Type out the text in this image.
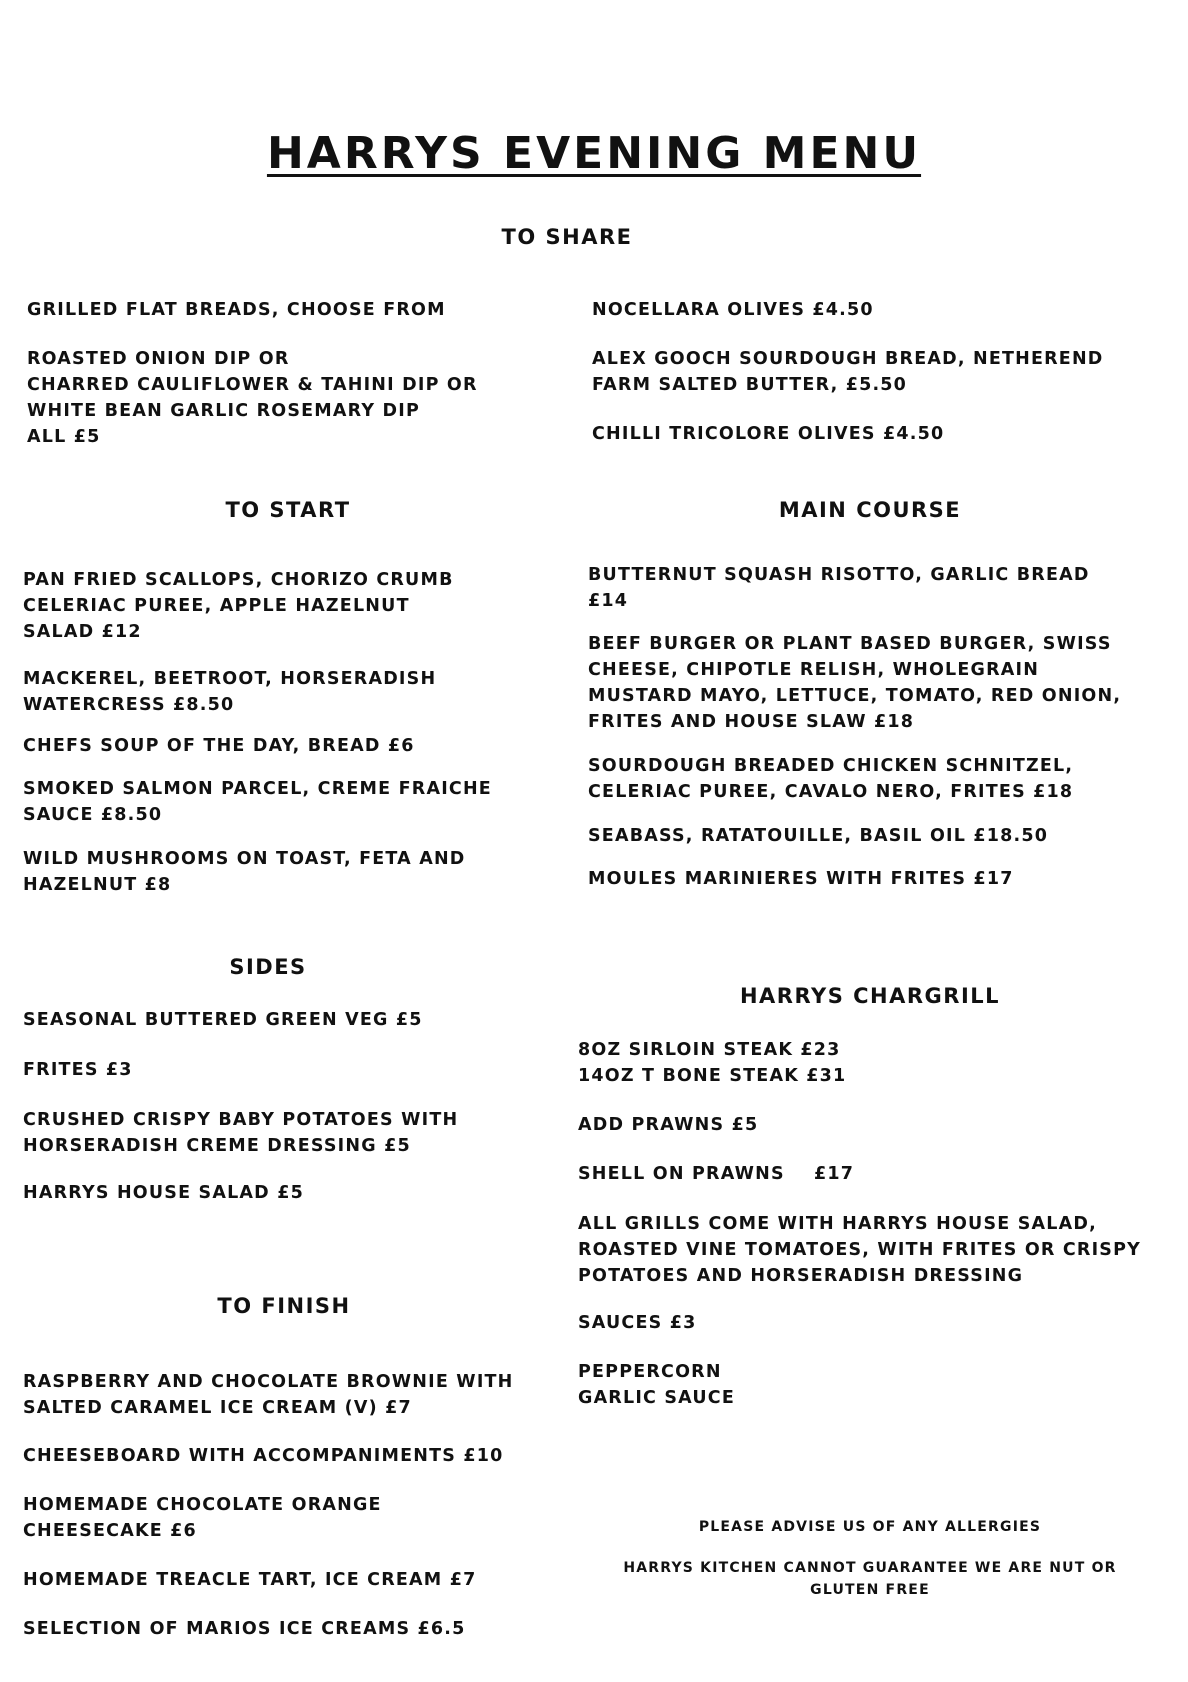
HARRYS EVENING MENU
TO SHARE
GRILLED FLAT BREADS, CHOOSE FROM
ROASTED ONION DIP OR
CHARRED CAULIFLOWER & TAHINI DIP OR
WHITE BEAN GARLIC ROSEMARY DIP
ALL £5
NOCELLARA OLIVES £4.50
ALEX GOOCH SOURDOUGH BREAD, NETHEREND
FARM SALTED BUTTER, £5.50
CHILLI TRICOLORE OLIVES £4.50
TO START
PAN FRIED SCALLOPS, CHORIZO CRUMB
CELERIAC PUREE, APPLE HAZELNUT
SALAD £12
MACKEREL, BEETROOT, HORSERADISH
WATERCRESS £8.50
CHEFS SOUP OF THE DAY, BREAD £6
SMOKED SALMON PARCEL, CREME FRAICHE
SAUCE £8.50
WILD MUSHROOMS ON TOAST, FETA AND
HAZELNUT £8
MAIN COURSE
BUTTERNUT SQUASH RISOTTO, GARLIC BREAD
£14
BEEF BURGER OR PLANT BASED BURGER, SWISS
CHEESE, CHIPOTLE RELISH, WHOLEGRAIN
MUSTARD MAYO, LETTUCE, TOMATO, RED ONION,
FRITES AND HOUSE SLAW £18
SOURDOUGH BREADED CHICKEN SCHNITZEL,
CELERIAC PUREE, CAVALO NERO, FRITES £18
SEABASS, RATATOUILLE, BASIL OIL £18.50
MOULES MARINIERES WITH FRITES £17
SIDES
SEASONAL BUTTERED GREEN VEG £5
FRITES £3
CRUSHED CRISPY BABY POTATOES WITH
HORSERADISH CREME DRESSING £5
HARRYS HOUSE SALAD £5
HARRYS CHARGRILL
8OZ SIRLOIN STEAK £23
14OZ T BONE STEAK £31
ADD PRAWNS £5
SHELL ON PRAWNS    £17
ALL GRILLS COME WITH HARRYS HOUSE SALAD,
ROASTED VINE TOMATOES, WITH FRITES OR CRISPY
POTATOES AND HORSERADISH DRESSING
SAUCES £3
PEPPERCORN
GARLIC SAUCE
TO FINISH
RASPBERRY AND CHOCOLATE BROWNIE WITH
SALTED CARAMEL ICE CREAM (V) £7
CHEESEBOARD WITH ACCOMPANIMENTS £10
HOMEMADE CHOCOLATE ORANGE
CHEESECAKE £6
HOMEMADE TREACLE TART, ICE CREAM £7
SELECTION OF MARIOS ICE CREAMS £6.5
PLEASE ADVISE US OF ANY ALLERGIES
HARRYS KITCHEN CANNOT GUARANTEE WE ARE NUT OR
GLUTEN FREE
